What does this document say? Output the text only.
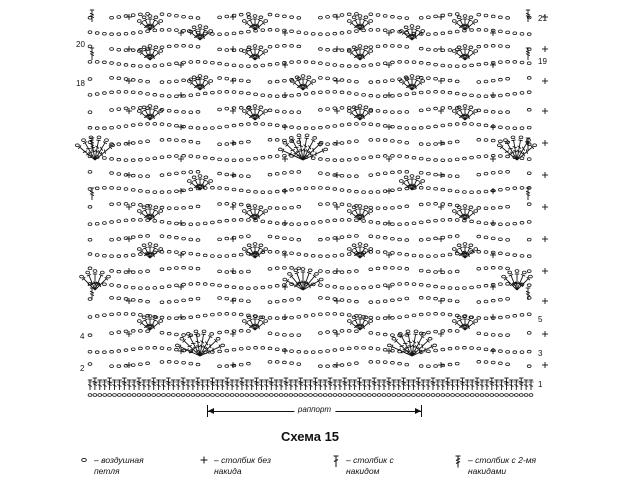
1
2
3
4
5
18
19
20
21
раппорт
Схема 15
– воздушная
петля
– столбик без
накида
– столбик с
накидом
– столбик с 2-мя
накидами
